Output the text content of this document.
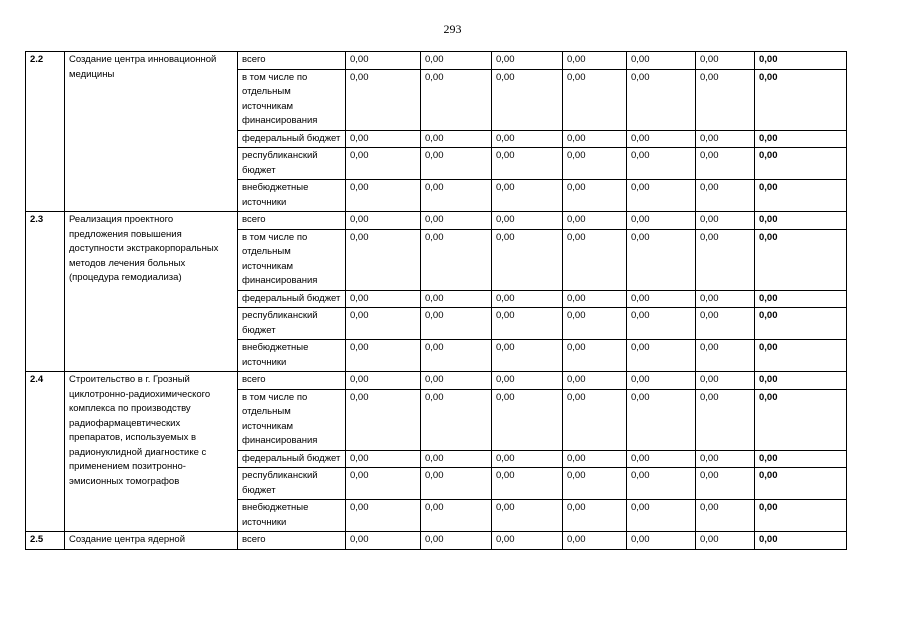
293
2.2	Создание центра инновационной медицины	всего	0,00	0,00	0,00	0,00	0,00	0,00	0,00
		в том числе по отдельным источникам финансирования	0,00	0,00	0,00	0,00	0,00	0,00	0,00
		федеральный бюджет	0,00	0,00	0,00	0,00	0,00	0,00	0,00
		республиканский бюджет	0,00	0,00	0,00	0,00	0,00	0,00	0,00
		внебюджетные источники	0,00	0,00	0,00	0,00	0,00	0,00	0,00
2.3	Реализация проектного предложения повышения доступности экстракорпоральных методов лечения больных (процедура гемодиализа)	всего	0,00	0,00	0,00	0,00	0,00	0,00	0,00
		в том числе по отдельным источникам финансирования	0,00	0,00	0,00	0,00	0,00	0,00	0,00
		федеральный бюджет	0,00	0,00	0,00	0,00	0,00	0,00	0,00
		республиканский бюджет	0,00	0,00	0,00	0,00	0,00	0,00	0,00
		внебюджетные источники	0,00	0,00	0,00	0,00	0,00	0,00	0,00
2.4	Строительство в г. Грозный циклотронно-радиохимического комплекса по производству радиофармацевтических препаратов, используемых в радионуклидной диагностике с применением позитронно-эмисионных томографов	всего	0,00	0,00	0,00	0,00	0,00	0,00	0,00
		в том числе по отдельным источникам финансирования	0,00	0,00	0,00	0,00	0,00	0,00	0,00
		федеральный бюджет	0,00	0,00	0,00	0,00	0,00	0,00	0,00
		республиканский бюджет	0,00	0,00	0,00	0,00	0,00	0,00	0,00
		внебюджетные источники	0,00	0,00	0,00	0,00	0,00	0,00	0,00
2.5	Создание центра ядерной	всего	0,00	0,00	0,00	0,00	0,00	0,00	0,00
